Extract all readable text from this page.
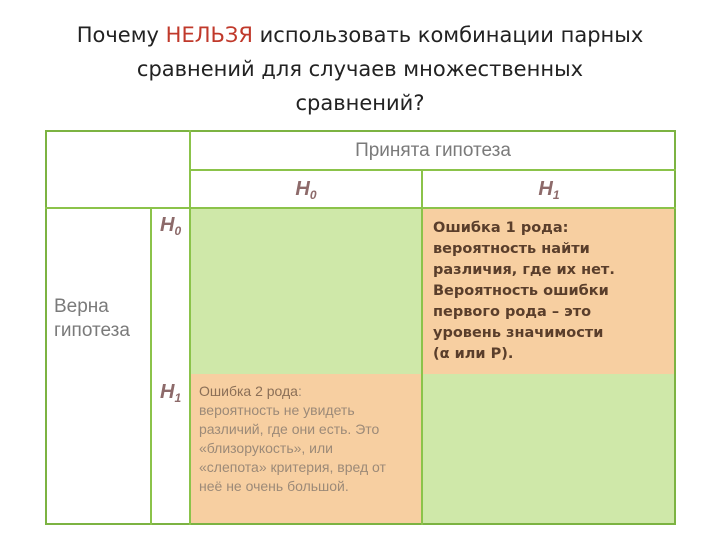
Почему НЕЛЬЗЯ использовать комбинации парных
сравнений для случаев множественных
сравнений?
Принята гипотеза
$H_0$	$H_1$
$H_0$
$H_1$
Верна
гипотеза
Ошибка 1 рода:
вероятность найти
различия, где их нет.
Вероятность ошибки
первого рода – это
уровень значимости
(α или P).
Ошибка 2 рода:
вероятность не увидеть
различий, где они есть. Это
«близорукость», или
«слепота» критерия, вред от
неё не очень большой.
